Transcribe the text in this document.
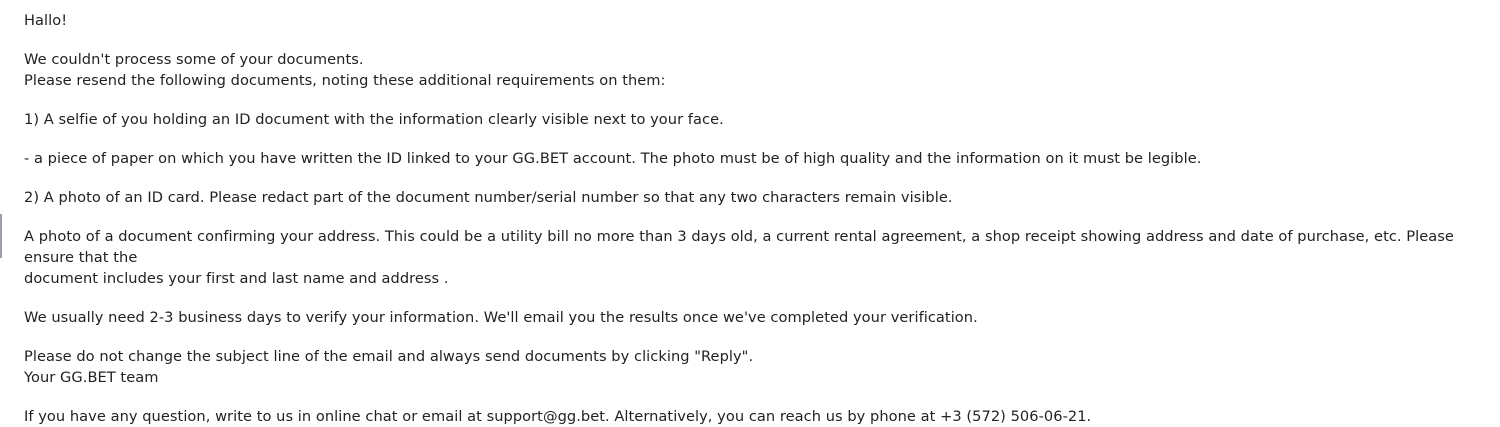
Hallo!

We couldn't process some of your documents.
Please resend the following documents, noting these additional requirements on them:

1) A selfie of you holding an ID document with the information clearly visible next to your face.

- a piece of paper on which you have written the ID linked to your GG.BET account. The photo must be of high quality and the information on it must be legible.

2) A photo of an ID card. Please redact part of the document number/serial number so that any two characters remain visible.

A photo of a document confirming your address. This could be a utility bill no more than 3 days old, a current rental agreement, a shop receipt showing address and date of purchase, etc. Please ensure that the
document includes your first and last name and address .

We usually need 2-3 business days to verify your information. We'll email you the results once we've completed your verification.

Please do not change the subject line of the email and always send documents by clicking "Reply".
Your GG.BET team

If you have any question, write to us in online chat or email at support@gg.bet. Alternatively, you can reach us by phone at +3 (572) 506-06-21.
